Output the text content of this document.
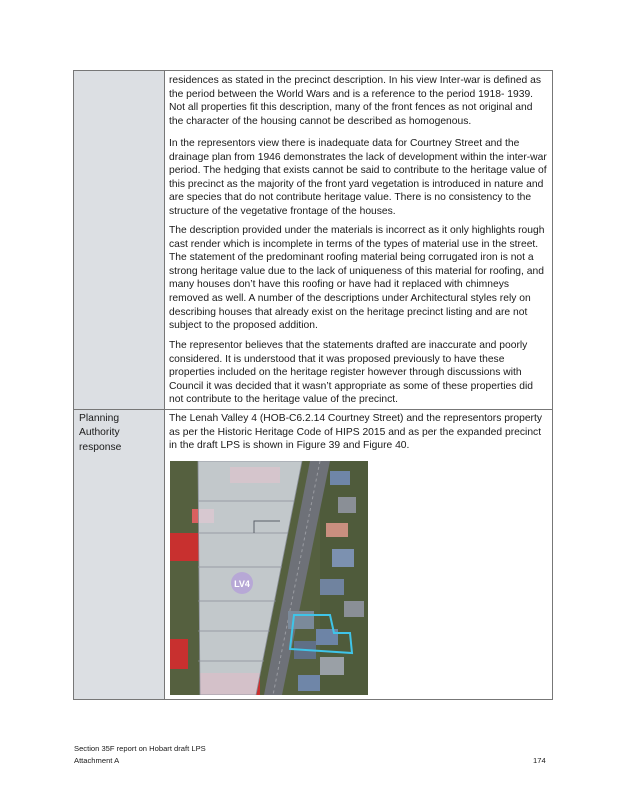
residences as stated in the precinct description. In his view Inter-war is defined as the period between the World Wars and is a reference to the period 1918- 1939. Not all properties fit this description, many of the front fences as not original and the character of the housing cannot be described as homogenous.

In the representors view there is inadequate data for Courtney Street and the drainage plan from 1946 demonstrates the lack of development within the inter-war period. The hedging that exists cannot be said to contribute to the heritage value of this precinct as the majority of the front yard vegetation is introduced in nature and are species that do not contribute heritage value. There is no consistency to the structure of the vegetative frontage of the houses.

The description provided under the materials is incorrect as it only highlights rough cast render which is incomplete in terms of the types of material use in the street. The statement of the predominant roofing material being corrugated iron is not a strong heritage value due to the lack of uniqueness of this material for roofing, and many houses don’t have this roofing or have had it replaced with chimneys removed as well. A number of the descriptions under Architectural styles rely on describing houses that already exist on the heritage precinct listing and are not subject to the proposed addition.

The representor believes that the statements drafted are inaccurate and poorly considered. It is understood that it was proposed previously to have these properties included on the heritage register however through discussions with Council it was decided that it wasn’t appropriate as some of these properties did not contribute to the heritage value of the precinct.

Planning
Authority
response

The Lenah Valley 4 (HOB-C6.2.14 Courtney Street) and the representors property as per the Historic Heritage Code of HIPS 2015 and as per the expanded precinct in the draft LPS is shown in Figure 39 and Figure 40.

LV4
Section 35F report on Hobart draft LPS
Attachment A	174
